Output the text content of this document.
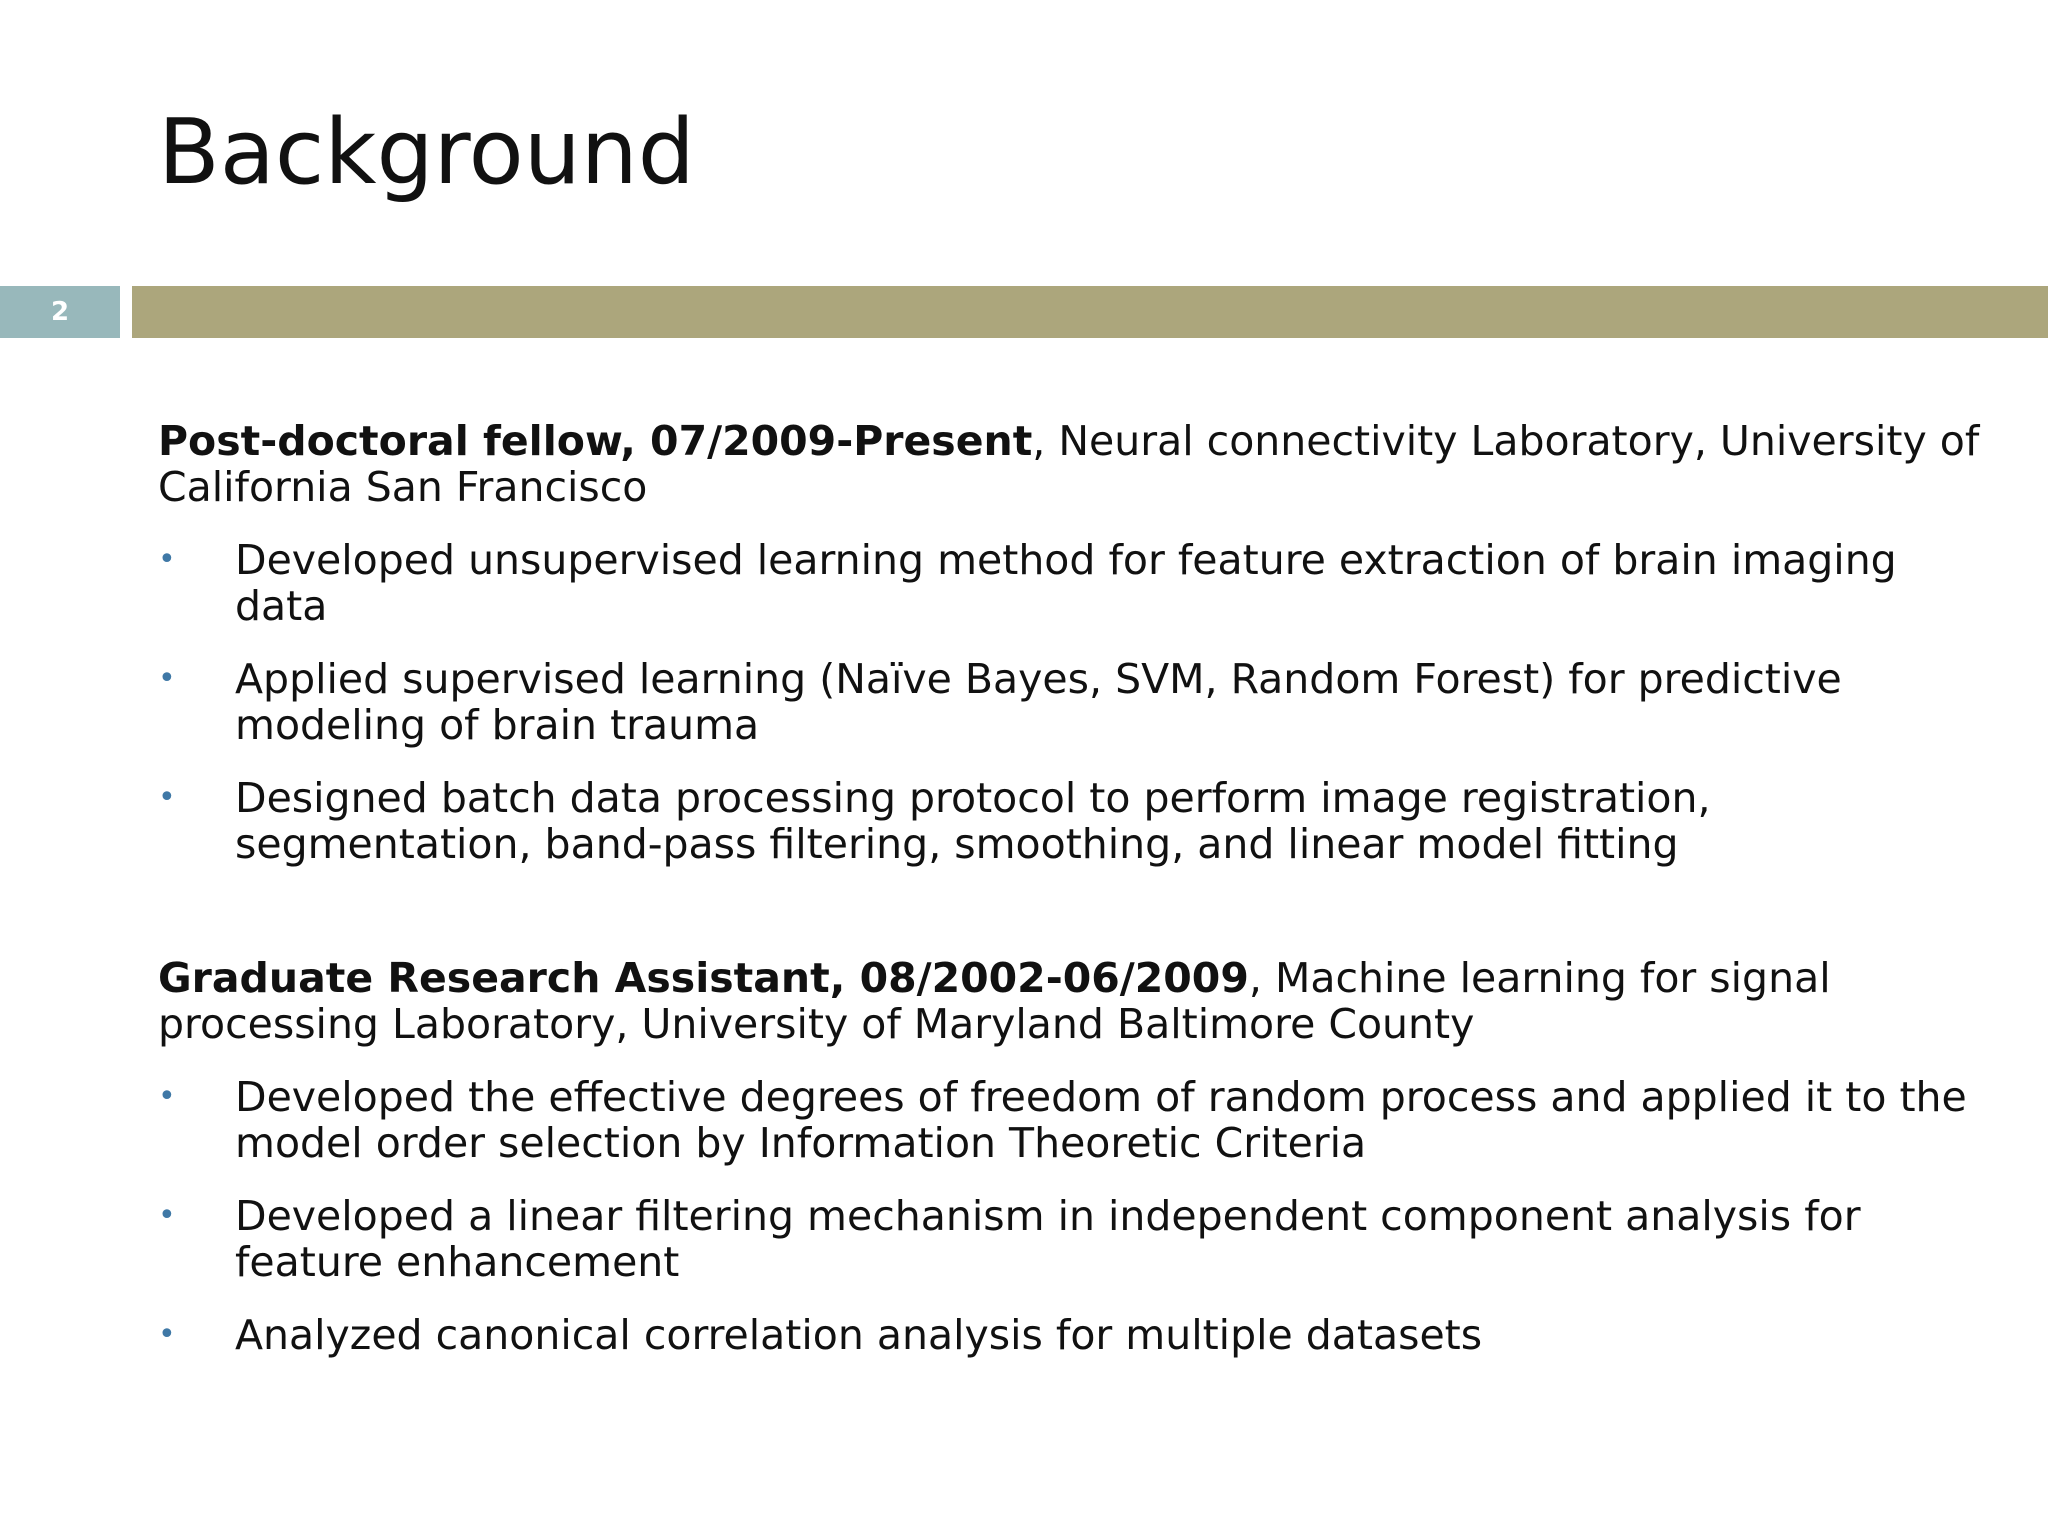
Background
2

Post-doctoral fellow, 07/2009-Present, Neural connectivity Laboratory, University of California San Francisco

• Developed unsupervised learning method for feature extraction of brain imaging data
• Applied supervised learning (Naïve Bayes, SVM, Random Forest) for predictive modeling of brain trauma
• Designed batch data processing protocol to perform image registration, segmentation, band-pass filtering, smoothing, and linear model fitting

Graduate Research Assistant, 08/2002-06/2009, Machine learning for signal processing Laboratory, University of Maryland Baltimore County

• Developed the effective degrees of freedom of random process and applied it to the model order selection by Information Theoretic Criteria
• Developed a linear filtering mechanism in independent component analysis for feature enhancement
• Analyzed canonical correlation analysis for multiple datasets
